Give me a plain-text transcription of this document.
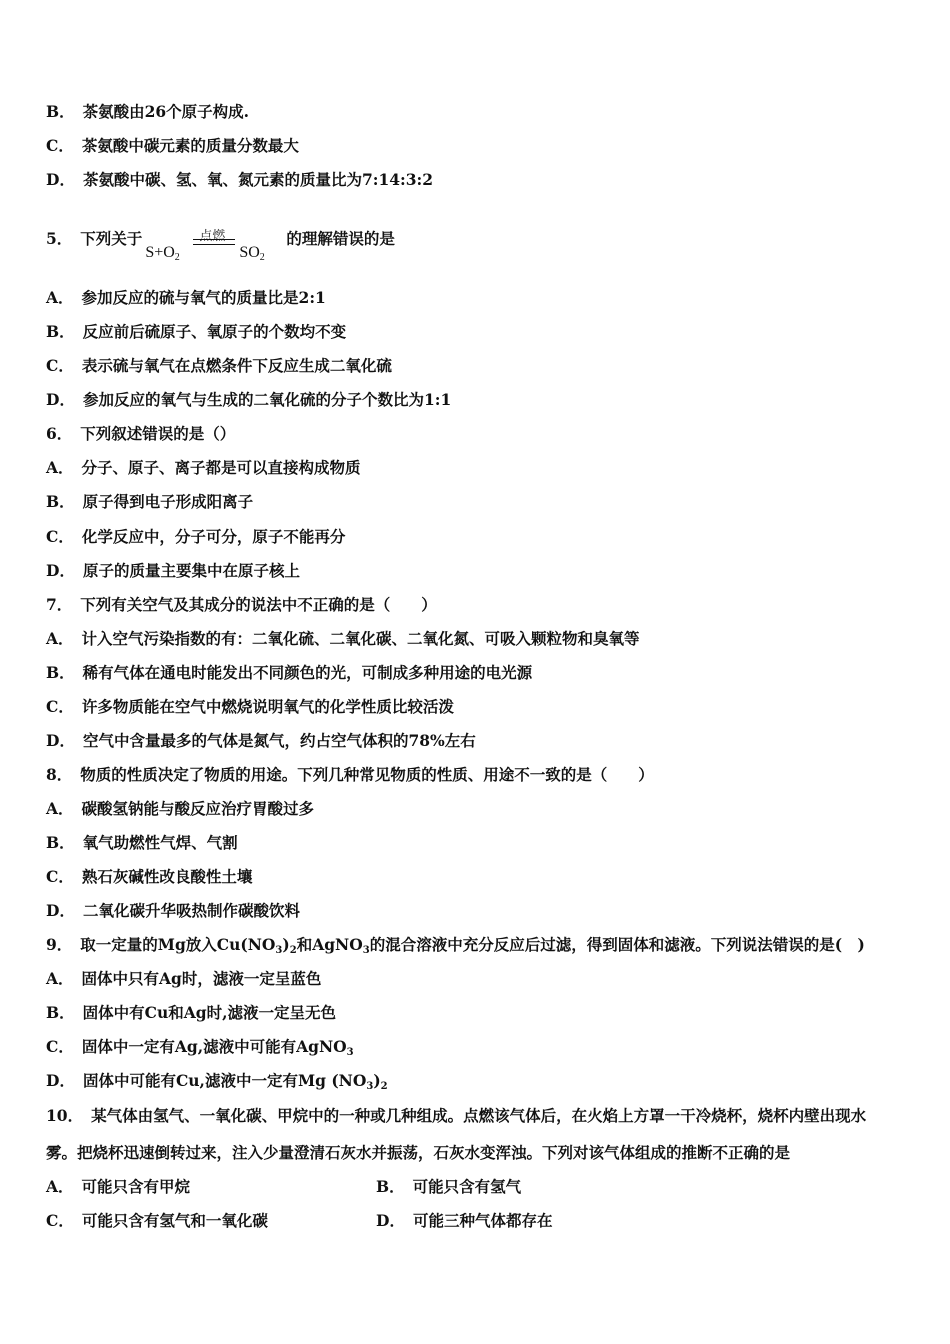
B． 茶氨酸由26个原子构成.
C． 茶氨酸中碳元素的质量分数最大
D． 茶氨酸中碳、氢、氧、氮元素的质量比为7:14:3:2
5． 下列关于
$S+O_2$
点燃
$SO_2$
的理解错误的是
A． 参加反应的硫与氧气的质量比是2:1
B． 反应前后硫原子、氧原子的个数均不变
C． 表示硫与氧气在点燃条件下反应生成二氧化硫
D． 参加反应的氧气与生成的二氧化硫的分子个数比为1:1
6． 下列叙述错误的是（）
A． 分子、原子、离子都是可以直接构成物质
B． 原子得到电子形成阳离子
C． 化学反应中，分子可分，原子不能再分
D． 原子的质量主要集中在原子核上
7． 下列有关空气及其成分的说法中不正确的是（　　）
A． 计入空气污染指数的有：二氧化硫、二氧化碳、二氧化氮、可吸入颗粒物和臭氧等
B． 稀有气体在通电时能发出不同颜色的光，可制成多种用途的电光源
C． 许多物质能在空气中燃烧说明氧气的化学性质比较活泼
D． 空气中含量最多的气体是氮气，约占空气体积的78%左右
8． 物质的性质决定了物质的用途。下列几种常见物质的性质、用途不一致的是（　　）
A． 碳酸氢钠能与酸反应治疗胃酸过多
B． 氧气助燃性气焊、气割
C． 熟石灰碱性改良酸性土壤
D． 二氧化碳升华吸热制作碳酸饮料
9． 取一定量的Mg放入$Cu(NO_3)_2$和AgNO$_3$的混合溶液中充分反应后过滤，得到固体和滤液。下列说法错误的是(　)
A． 固体中只有Ag时，滤液一定呈蓝色
B． 固体中有Cu和Ag时,滤液一定呈无色
C． 固体中一定有Ag,滤液中可能有AgNO$_3$
D． 固体中可能有Cu,滤液中一定有Mg $(NO_3)_2$
10． 某气体由氢气、一氧化碳、甲烷中的一种或几种组成。点燃该气体后，在火焰上方罩一干冷烧杯，烧杯内壁出现水
雾。把烧杯迅速倒转过来，注入少量澄清石灰水并振荡，石灰水变浑浊。下列对该气体组成的推断不正确的是
A． 可能只含有甲烷	B． 可能只含有氢气
C． 可能只含有氢气和一氧化碳	D． 可能三种气体都存在
